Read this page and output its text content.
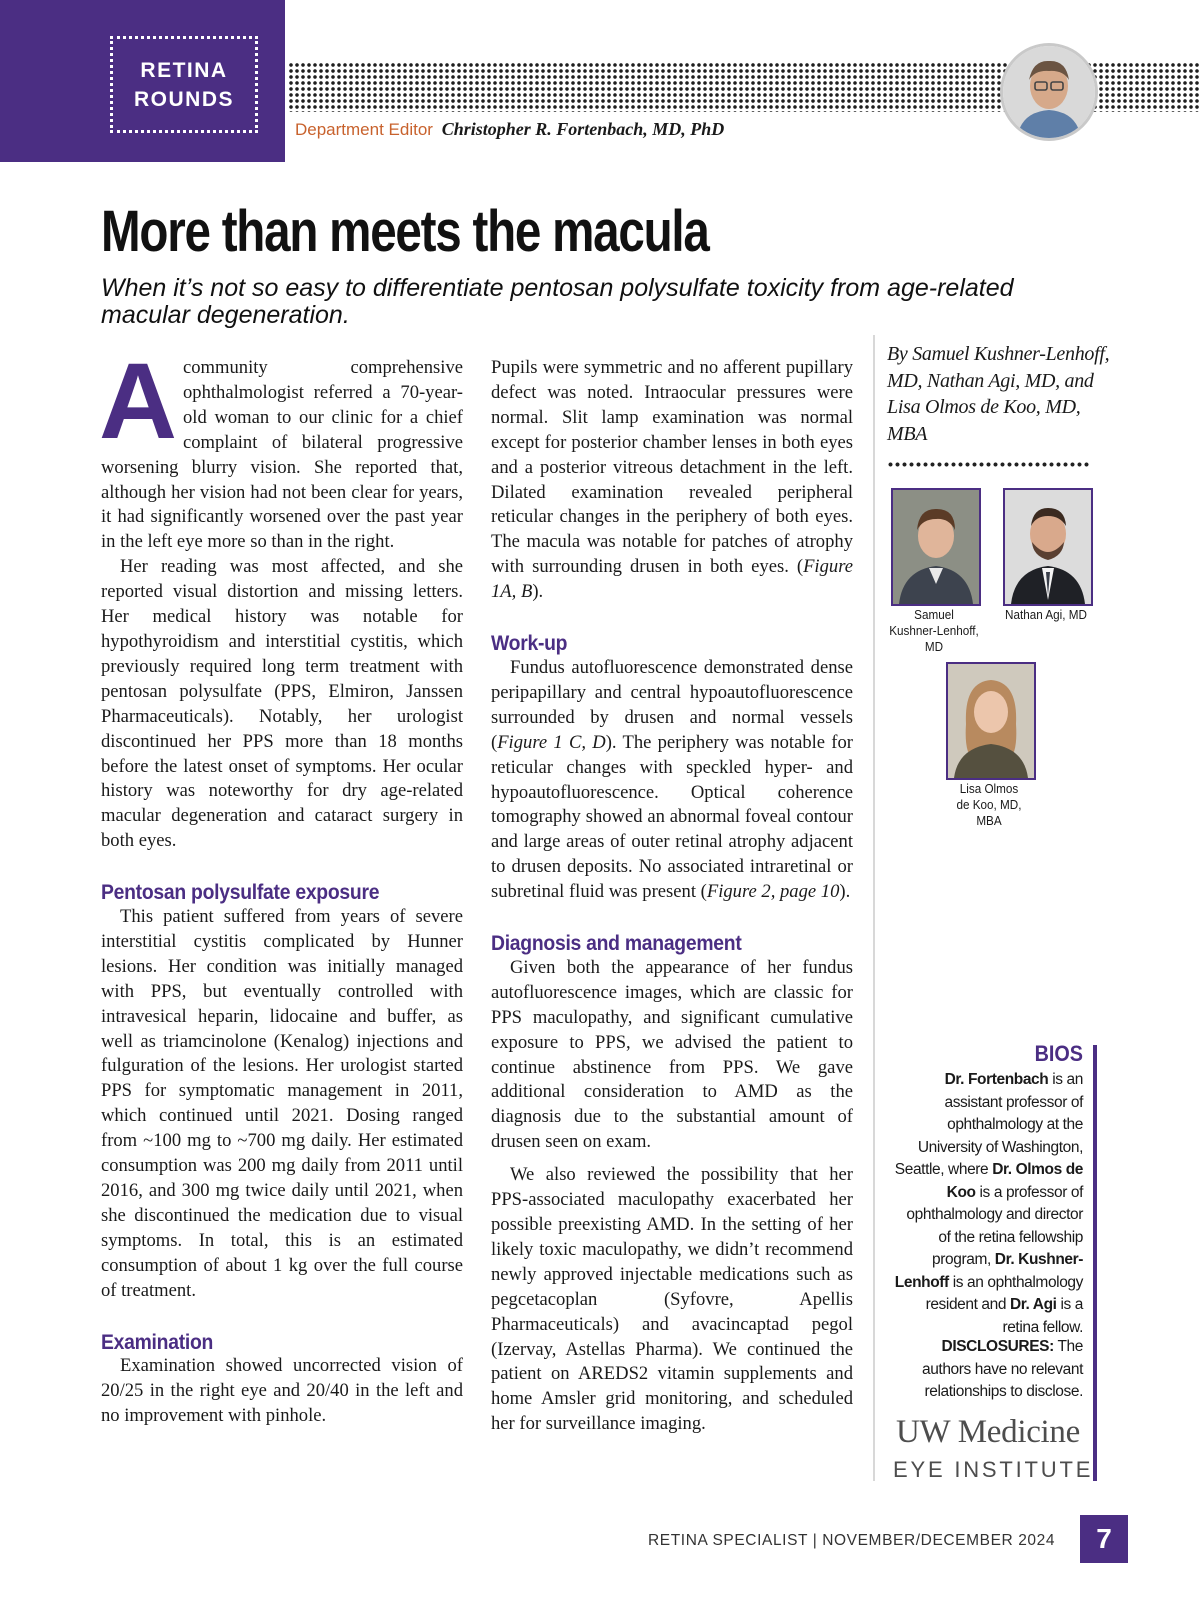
RETINA
ROUNDS
Department Editor Christopher R. Fortenbach, MD, PhD
More than meets the macula
When it’s not so easy to differentiate pentosan polysulfate toxicity from age-related macular degeneration.

Acommunity comprehensive ophthalmologist referred a 70-year-old woman to our clinic for a chief complaint of bilateral progressive worsening blurry vision. She reported that, although her vision had not been clear for years, it had significantly worsened over the past year in the left eye more so than in the right.

Her reading was most affected, and she reported visual distortion and missing letters. Her medical history was notable for hypothyroidism and interstitial cystitis, which previously required long term treatment with pentosan polysulfate (PPS, Elmiron, Janssen Pharmaceuticals). Notably, her urologist discontinued her PPS more than 18 months before the latest onset of symptoms. Her ocular history was noteworthy for dry age-related macular degeneration and cataract surgery in both eyes.

Pentosan polysulfate exposure

This patient suffered from years of severe interstitial cystitis complicated by Hunner lesions. Her condition was initially managed with PPS, but eventually controlled with intravesical heparin, lidocaine and buffer, as well as triamcinolone (Kenalog) injections and fulguration of the lesions. Her urologist started PPS for symptomatic management in 2011, which continued until 2021. Dosing ranged from ~100 mg to ~700 mg daily. Her estimated consumption was 200 mg daily from 2011 until 2016, and 300 mg twice daily until 2021, when she discontinued the medication due to visual symptoms. In total, this is an estimated consumption of about 1 kg over the full course of treatment.

Examination

Examination showed uncorrected vision of 20/25 in the right eye and 20/40 in the left and no improvement with pinhole.

Pupils were symmetric and no afferent pupillary defect was noted. Intraocular pressures were normal. Slit lamp examination was normal except for posterior chamber lenses in both eyes and a posterior vitreous detachment in the left. Dilated examination revealed peripheral reticular changes in the periphery of both eyes. The macula was notable for patches of atrophy with surrounding drusen in both eyes. (Figure 1A, B).

Work-up

Fundus autofluorescence demonstrated dense peripapillary and central hypoautofluorescence surrounded by drusen and normal vessels (Figure 1 C, D). The periphery was notable for reticular changes with speckled hyper- and hypoautofluorescence. Optical coherence tomography showed an abnormal foveal contour and large areas of outer retinal atrophy adjacent to drusen deposits. No associated intraretinal or subretinal fluid was present (Figure 2, page 10).

Diagnosis and management

Given both the appearance of her fundus autofluorescence images, which are classic for PPS maculopathy, and significant cumulative exposure to PPS, we advised the patient to continue abstinence from PPS. We gave additional consideration to AMD as the diagnosis due to the substantial amount of drusen seen on exam.

We also reviewed the possibility that her PPS-associated maculopathy exacerbated her possible preexisting AMD. In the setting of her likely toxic maculopathy, we didn’t recommend newly approved injectable medications such as pegcetacoplan (Syfovre, Apellis Pharmaceuticals) and avacincaptad pegol (Izervay, Astellas Pharma). We continued the patient on AREDS2 vitamin supplements and home Amsler grid monitoring, and scheduled her for surveillance imaging.

By Samuel Kushner-Lenhoff, MD, Nathan Agi, MD, and Lisa Olmos de Koo, MD, MBA
Samuel
Kushner-Lenhoff,
MD
Nathan Agi, MD
Lisa Olmos
de Koo, MD, MBA
BIOS

Dr. Fortenbach is an assistant professor of ophthalmology at the University of Washington, Seattle, where Dr. Olmos de Koo is a professor of ophthalmology and director of the retina fellowship program, Dr. Kushner-Lenhoff is an ophthalmology resident and Dr. Agi is a retina fellow.

DISCLOSURES: The authors have no relevant relationships to disclose.
UW Medicine
EYE INSTITUTE
RETINA SPECIALIST | NOVEMBER/DECEMBER 2024	7
